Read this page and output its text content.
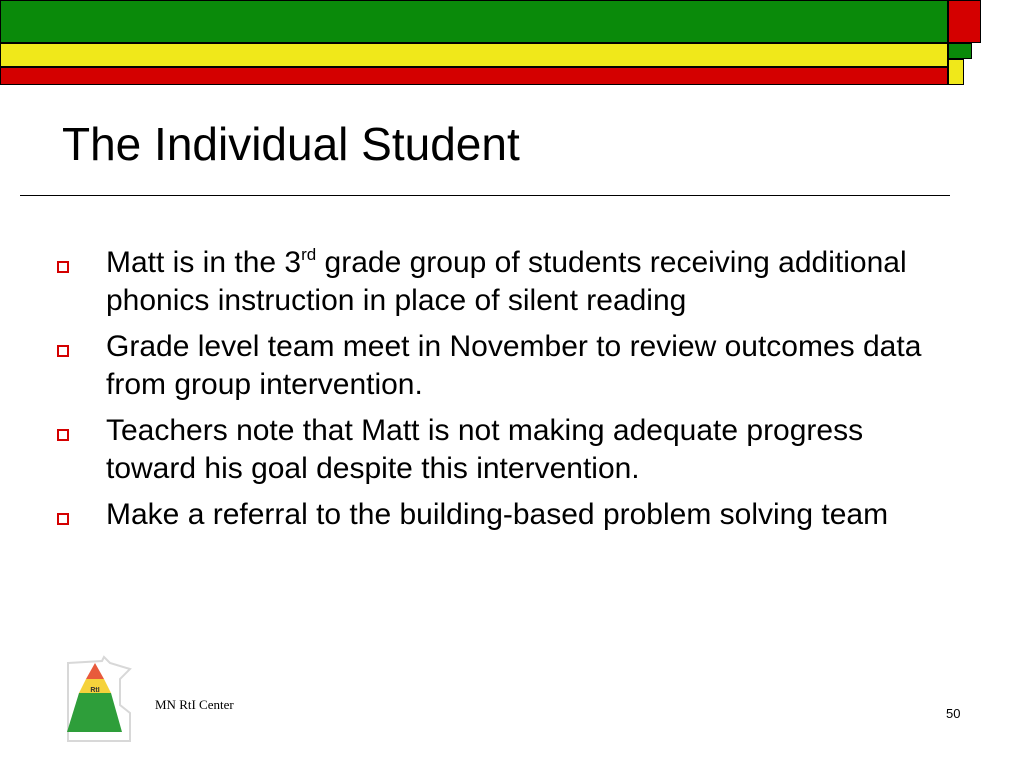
The Individual Student
Matt is in the 3rd grade group of students receiving additional phonics instruction in place of silent reading
Grade level team meet in November to review outcomes data from group intervention.
Teachers note that Matt is not making adequate progress toward his goal despite this intervention.
Make a referral to the building-based problem solving team
RtI
MN RtI Center
50
